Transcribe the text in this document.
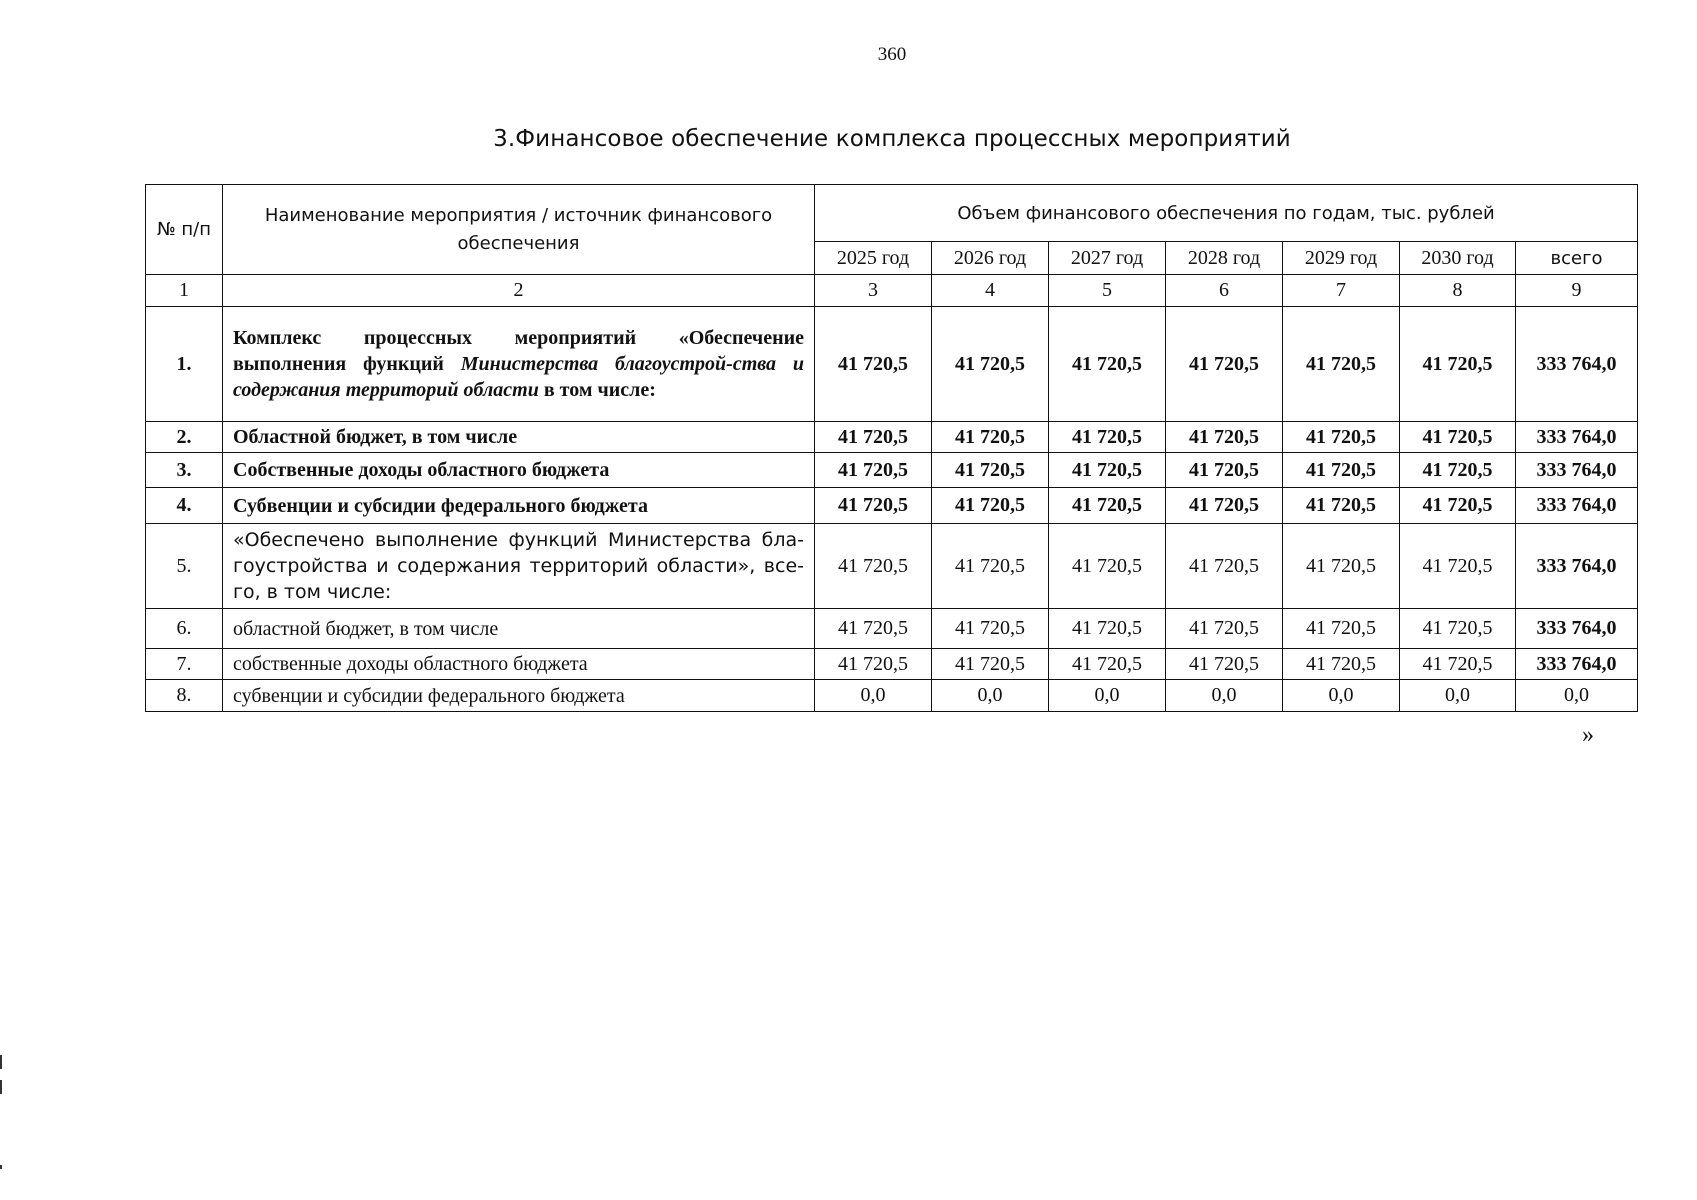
360
3.Финансовое обеспечение комплекса процессных мероприятий
№ п/п	Наименование мероприятия / источник финансового обеспечения	Объем финансового обеспечения по годам, тыс. рублей						
		2025 год	2026 год	2027 год	2028 год	2029 год	2030 год	всего
1	2	3	4	5	6	7	8	9
1.	Комплекс процессных мероприятий «Обеспечение выполнения функций Министерства благоустрой-ства и содержания территорий области в том числе:	41 720,5	41 720,5	41 720,5	41 720,5	41 720,5	41 720,5	333 764,0
2.	Областной бюджет, в том числе	41 720,5	41 720,5	41 720,5	41 720,5	41 720,5	41 720,5	333 764,0
3.	Собственные доходы областного бюджета	41 720,5	41 720,5	41 720,5	41 720,5	41 720,5	41 720,5	333 764,0
4.	Субвенции и субсидии федерального бюджета	41 720,5	41 720,5	41 720,5	41 720,5	41 720,5	41 720,5	333 764,0
5.	«Обеспечено выполнение функций Министерства бла-гоустройства и содержания территорий области», все-го, в том числе:	41 720,5	41 720,5	41 720,5	41 720,5	41 720,5	41 720,5	333 764,0
6.	областной бюджет, в том числе	41 720,5	41 720,5	41 720,5	41 720,5	41 720,5	41 720,5	333 764,0
7.	собственные доходы областного бюджета	41 720,5	41 720,5	41 720,5	41 720,5	41 720,5	41 720,5	333 764,0
8.	субвенции и субсидии федерального бюджета	0,0	0,0	0,0	0,0	0,0	0,0	0,0
»
